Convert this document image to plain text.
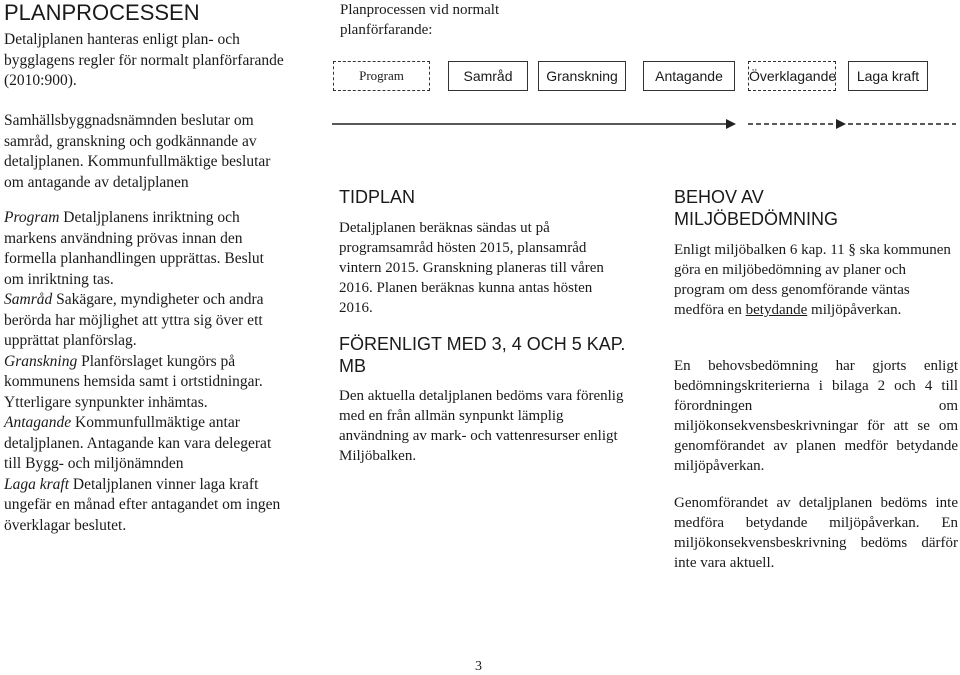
PLANPROCESSEN

Detaljplanen hanteras enligt plan- och bygglagens regler för normalt planförfarande (2010:900).

Samhällsbyggnadsnämnden beslutar om samråd, granskning och godkännande av detaljplanen. Kommunfullmäktige beslutar om antagande av detaljplanen

Program Detaljplanens inriktning och markens användning prövas innan den formella planhandlingen upprättas. Beslut om inriktning tas.

Samråd Sakägare, myndigheter och andra berörda har möjlighet att yttra sig över ett upprättat planförslag.

Granskning Planförslaget kungörs på kommunens hemsida samt i ortstidningar. Ytterligare synpunkter inhämtas.

Antagande Kommunfullmäktige antar detaljplanen. Antagande kan vara delegerat till Bygg- och miljönämnden

Laga kraft Detaljplanen vinner laga kraft ungefär en månad efter antagandet om ingen överklagar beslutet.

Planprocessen vid normalt planförfarande:
Program	Samråd	Granskning	Antagande	Överklagande	Laga kraft
TIDPLAN

Detaljplanen beräknas sändas ut på programsamråd hösten 2015, plansamråd vintern 2015. Granskning planeras till våren 2016. Planen beräknas kunna antas hösten 2016.

FÖRENLIGT MED 3, 4 OCH 5 KAP. MB

Den aktuella detaljplanen bedöms vara förenlig med en från allmän synpunkt lämplig användning av mark- och vattenresurser enligt Miljöbalken.

BEHOV AV MILJÖBEDÖMNING

Enligt miljöbalken 6 kap. 11 § ska kommunen göra en miljöbedömning av planer och program om dess genomförande väntas medföra en betydande miljöpåverkan.

En behovsbedömning har gjorts enligt bedömningskriterierna i bilaga 2 och 4 till förordningen om miljökonsekvensbeskrivningar för att se om genomförandet av planen medför betydande miljöpåverkan.

Genomförandet av detaljplanen bedöms inte medföra betydande miljöpåverkan. En miljökonsekvensbeskrivning bedöms därför inte vara aktuell.

3
